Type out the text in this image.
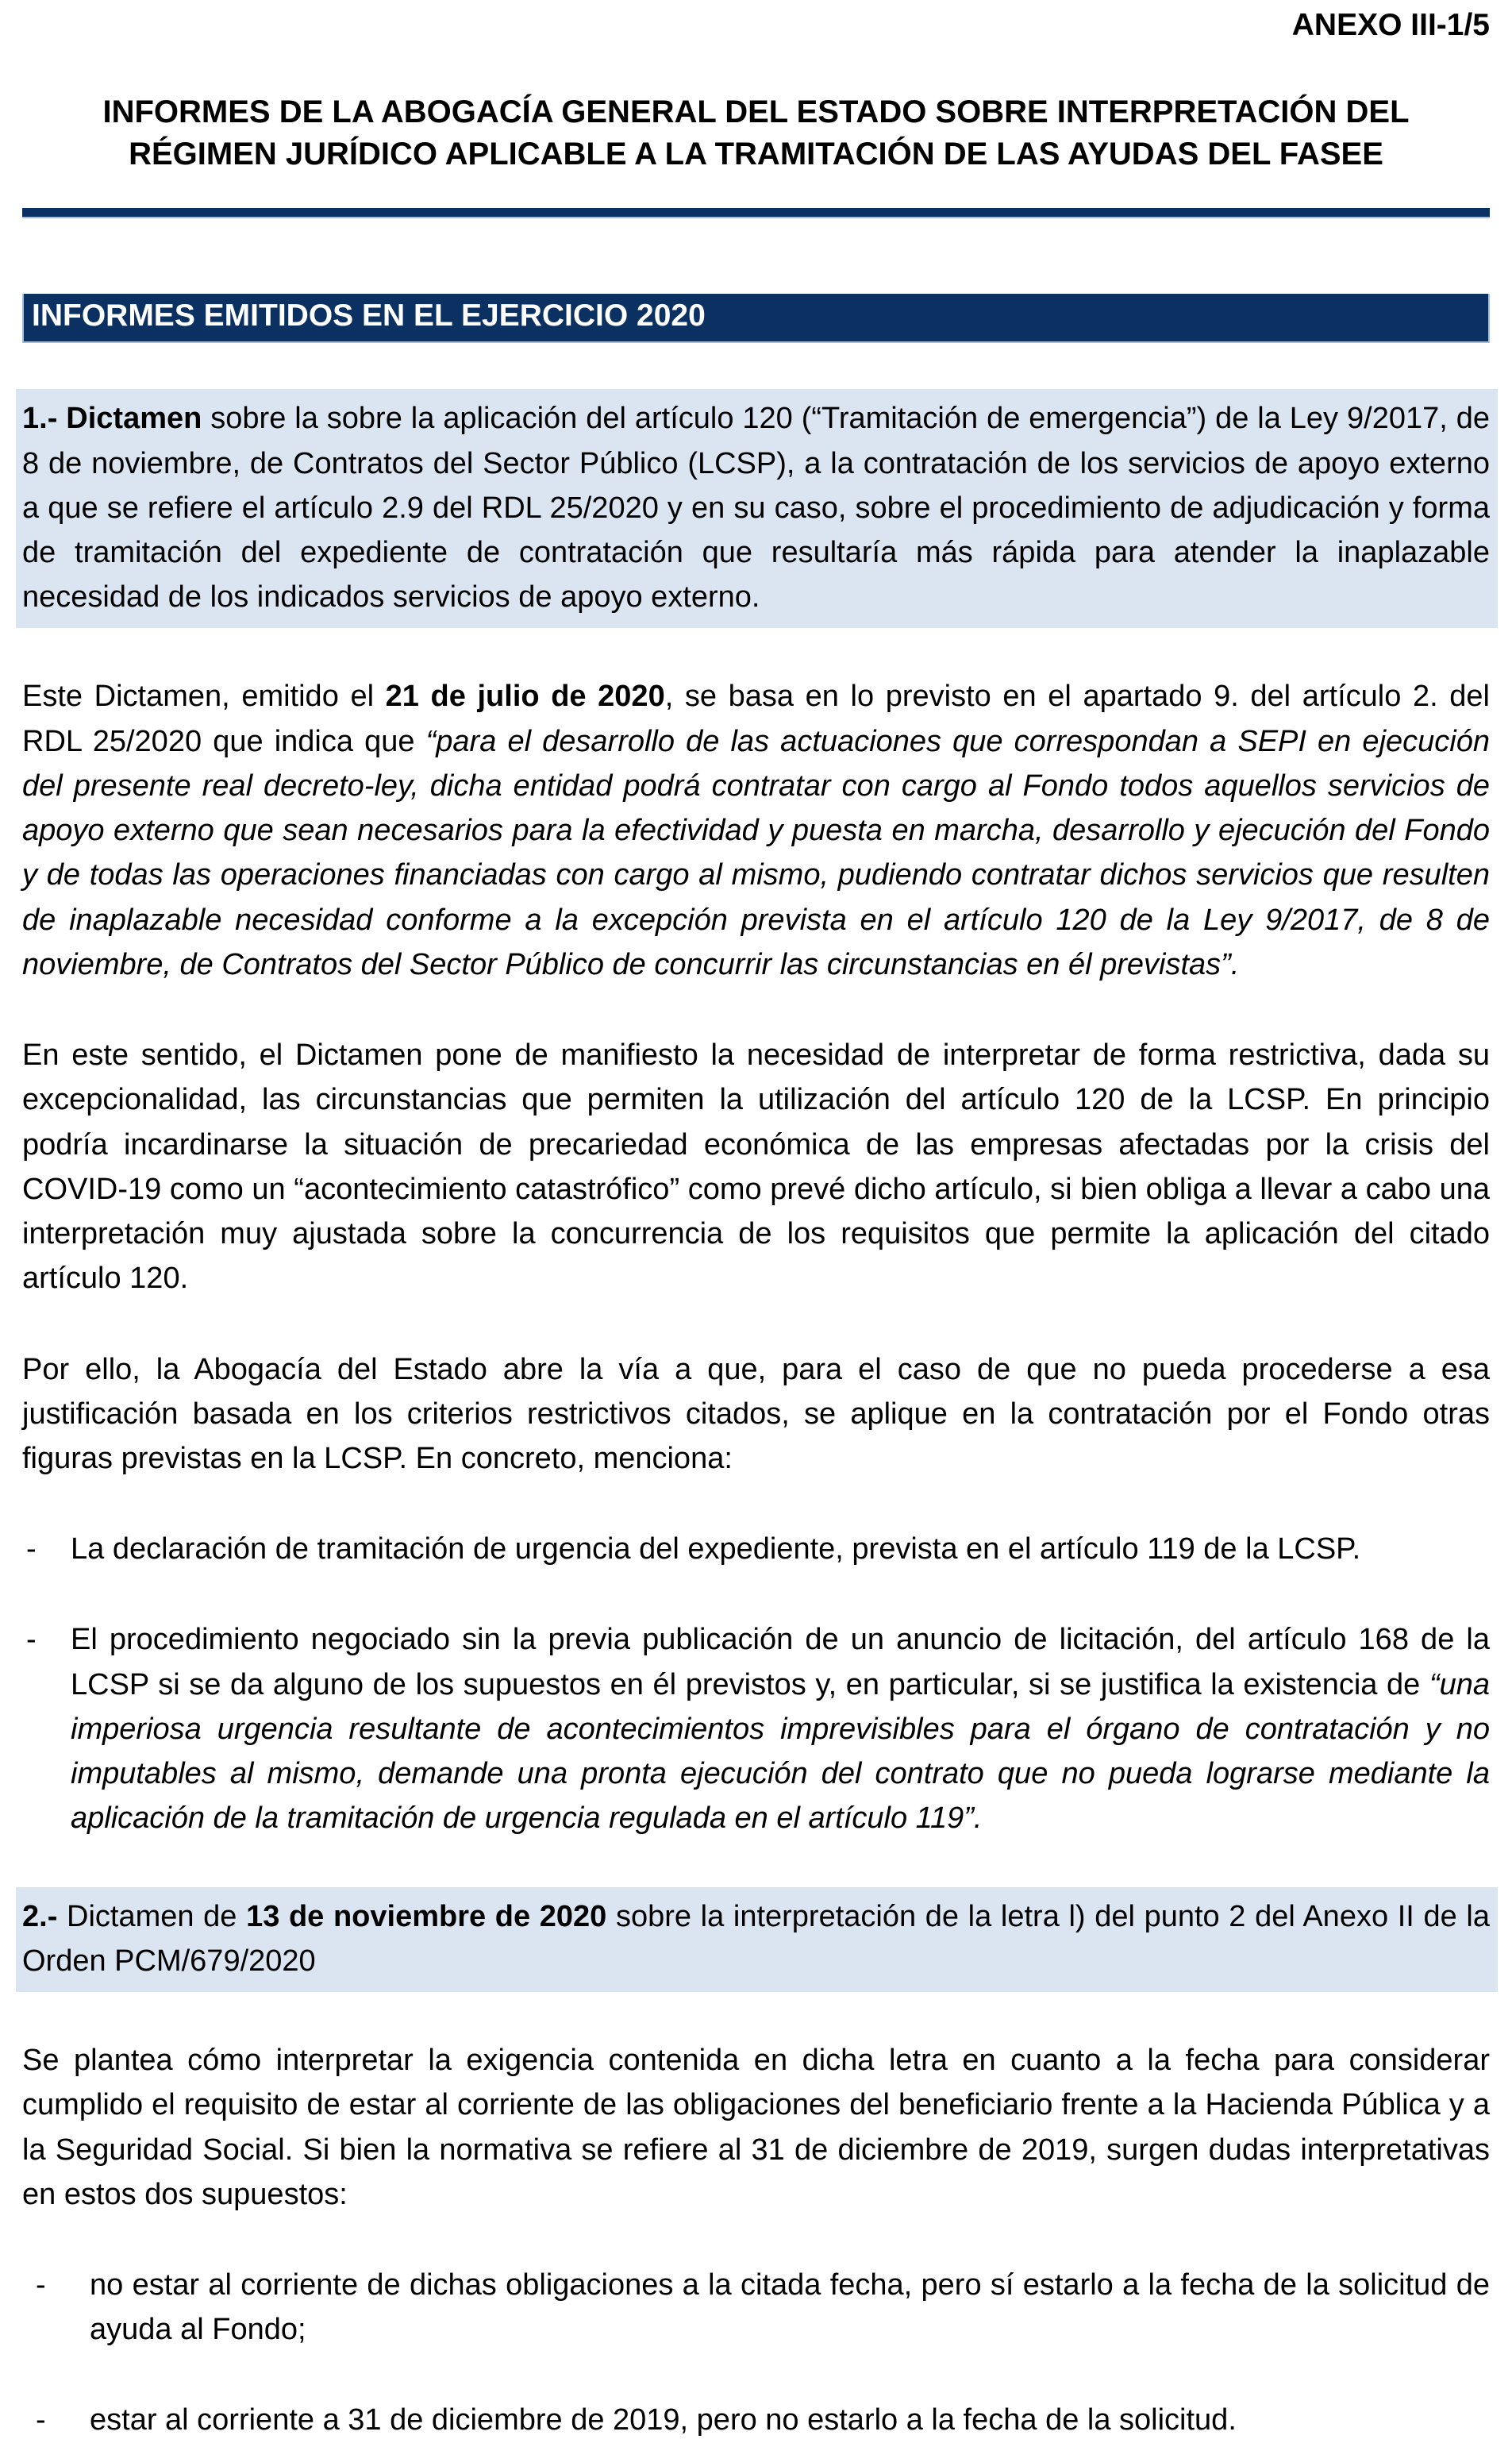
ANEXO III-1/5
INFORMES DE LA ABOGACÍA GENERAL DEL ESTADO SOBRE INTERPRETACIÓN DEL
RÉGIMEN JURÍDICO APLICABLE A LA TRAMITACIÓN DE LAS AYUDAS DEL FASEE
INFORMES EMITIDOS EN EL EJERCICIO 2020
1.- Dictamen sobre la sobre la aplicación del artículo 120 (“Tramitación de emergencia”) de la Ley 9/2017, de 8 de noviembre, de Contratos del Sector Público (LCSP), a la contratación de los servicios de apoyo externo a que se refiere el artículo 2.9 del RDL 25/2020 y en su caso, sobre el procedimiento de adjudicación y forma de tramitación del expediente de contratación que resultaría más rápida para atender la inaplazable necesidad de los indicados servicios de apoyo externo.
Este Dictamen, emitido el 21 de julio de 2020, se basa en lo previsto en el apartado 9. del artículo 2. del RDL 25/2020 que indica que “para el desarrollo de las actuaciones que correspondan a SEPI en ejecución del presente real decreto-ley, dicha entidad podrá contratar con cargo al Fondo todos aquellos servicios de apoyo externo que sean necesarios para la efectividad y puesta en marcha, desarrollo y ejecución del Fondo y de todas las operaciones financiadas con cargo al mismo, pudiendo contratar dichos servicios que resulten de inaplazable necesidad conforme a la excepción prevista en el artículo 120 de la Ley 9/2017, de 8 de noviembre, de Contratos del Sector Público de concurrir las circunstancias en él previstas”.
En este sentido, el Dictamen pone de manifiesto la necesidad de interpretar de forma restrictiva, dada su excepcionalidad, las circunstancias que permiten la utilización del artículo 120 de la LCSP. En principio podría incardinarse la situación de precariedad económica de las empresas afectadas por la crisis del COVID-19 como un “acontecimiento catastrófico” como prevé dicho artículo, si bien obliga a llevar a cabo una interpretación muy ajustada sobre la concurrencia de los requisitos que permite la aplicación del citado artículo 120.
Por ello, la Abogacía del Estado abre la vía a que, para el caso de que no pueda procederse a esa justificación basada en los criterios restrictivos citados, se aplique en la contratación por el Fondo otras figuras previstas en la LCSP. En concreto, menciona:
-	La declaración de tramitación de urgencia del expediente, prevista en el artículo 119 de la LCSP.
-	El procedimiento negociado sin la previa publicación de un anuncio de licitación, del artículo 168 de la LCSP si se da alguno de los supuestos en él previstos y, en particular, si se justifica la existencia de “una imperiosa urgencia resultante de acontecimientos imprevisibles para el órgano de contratación y no imputables al mismo, demande una pronta ejecución del contrato que no pueda lograrse mediante la aplicación de la tramitación de urgencia regulada en el artículo 119”.
2.- Dictamen de 13 de noviembre de 2020 sobre la interpretación de la letra l) del punto 2 del Anexo II de la Orden PCM/679/2020
Se plantea cómo interpretar la exigencia contenida en dicha letra en cuanto a la fecha para considerar cumplido el requisito de estar al corriente de las obligaciones del beneficiario frente a la Hacienda Pública y a la Seguridad Social. Si bien la normativa se refiere al 31 de diciembre de 2019, surgen dudas interpretativas en estos dos supuestos:
-	no estar al corriente de dichas obligaciones a la citada fecha, pero sí estarlo a la fecha de la solicitud de ayuda al Fondo;
-	estar al corriente a 31 de diciembre de 2019, pero no estarlo a la fecha de la solicitud.
